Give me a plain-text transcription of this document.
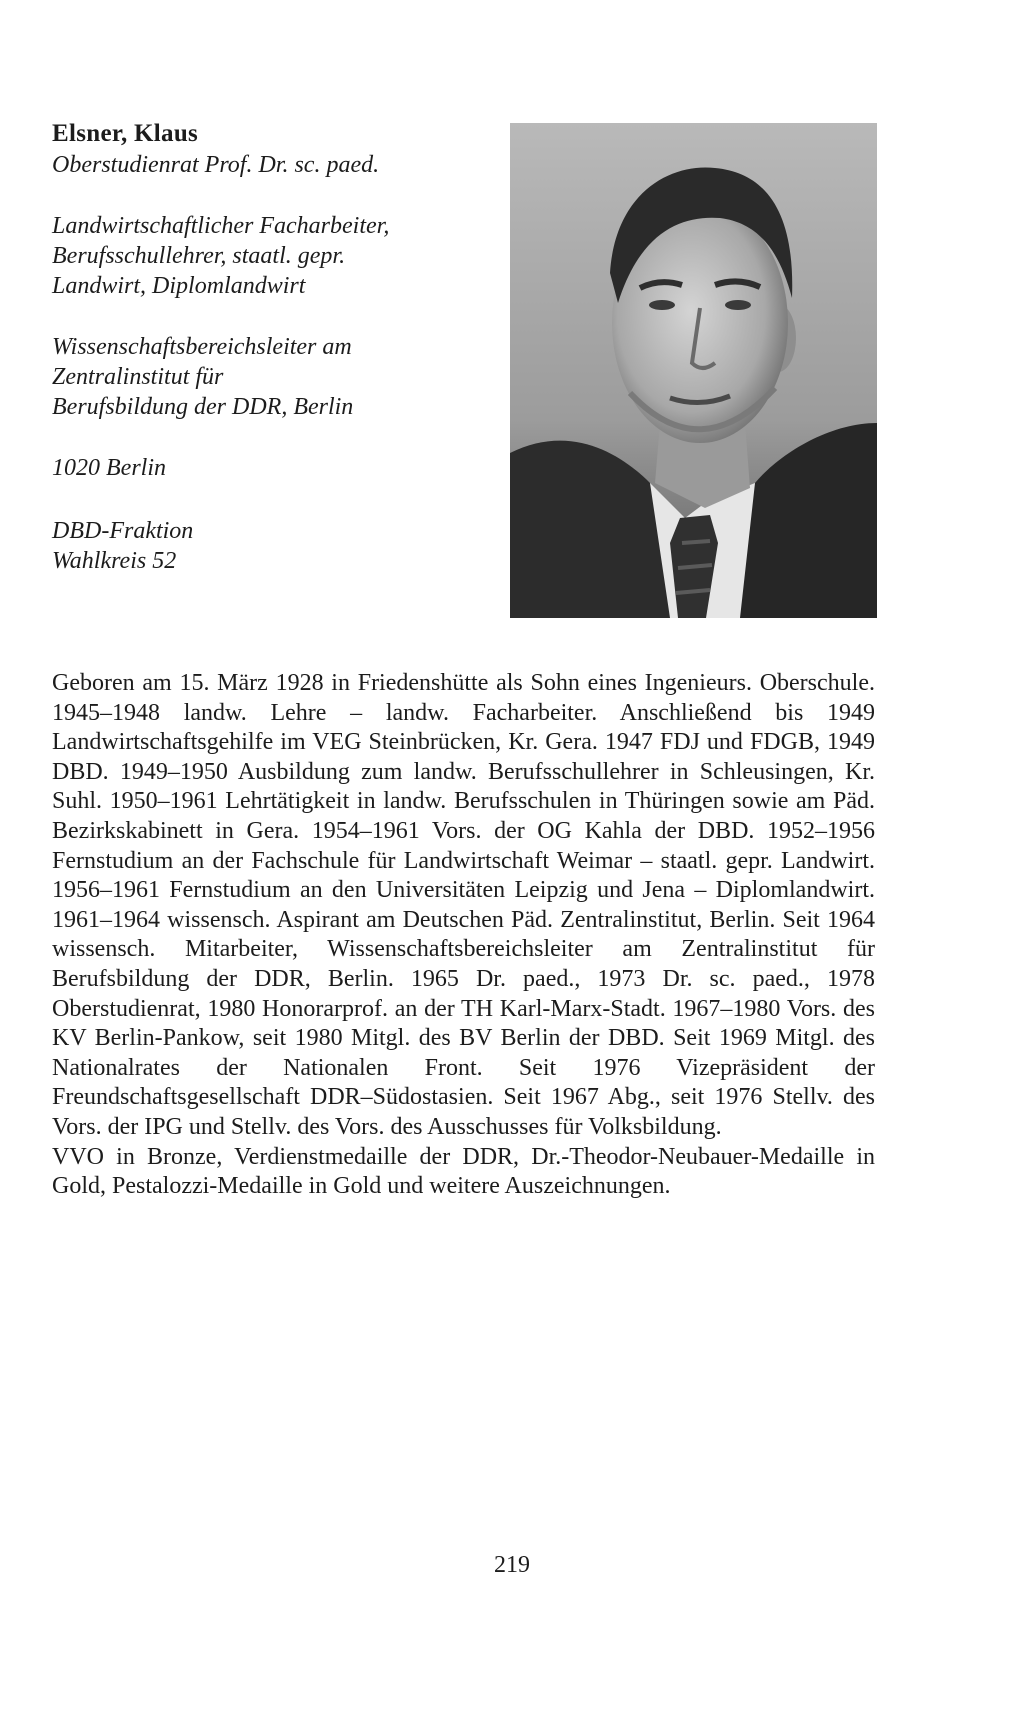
Elsner, Klaus

Oberstudienrat Prof. Dr. sc. paed.

Landwirtschaftlicher Facharbeiter,

Berufsschullehrer, staatl. gepr.

Landwirt, Diplomlandwirt

Wissenschaftsbereichsleiter am

Zentralinstitut für

Berufsbildung der DDR, Berlin

1020 Berlin

DBD-Fraktion

Wahlkreis 52

Geboren am 15. März 1928 in Friedenshütte als Sohn eines Ingenieurs. Oberschule. 1945–1948 landw. Lehre – landw. Facharbeiter. Anschließend bis 1949 Landwirtschaftsgehilfe im VEG Steinbrücken, Kr. Gera. 1947 FDJ und FDGB, 1949 DBD. 1949–1950 Ausbildung zum landw. Berufsschullehrer in Schleusingen, Kr. Suhl. 1950–1961 Lehrtätigkeit in landw. Berufsschulen in Thüringen sowie am Päd. Bezirkskabinett in Gera. 1954–1961 Vors. der OG Kahla der DBD. 1952–1956 Fernstudium an der Fachschule für Landwirtschaft Weimar – staatl. gepr. Landwirt. 1956–1961 Fernstudium an den Universitäten Leipzig und Jena – Diplomlandwirt. 1961–1964 wissensch. Aspirant am Deutschen Päd. Zentralinstitut, Berlin. Seit 1964 wissensch. Mitarbeiter, Wissenschaftsbereichsleiter am Zentralinstitut für Berufsbildung der DDR, Berlin. 1965 Dr. paed., 1973 Dr. sc. paed., 1978 Oberstudienrat, 1980 Honorarprof. an der TH Karl-Marx-Stadt. 1967–1980 Vors. des KV Berlin-Pankow, seit 1980 Mitgl. des BV Berlin der DBD. Seit 1969 Mitgl. des Nationalrates der Nationalen Front. Seit 1976 Vizepräsident der Freundschaftsgesellschaft DDR–Südostasien. Seit 1967 Abg., seit 1976 Stellv. des Vors. der IPG und Stellv. des Vors. des Ausschusses für Volksbildung.

VVO in Bronze, Verdienstmedaille der DDR, Dr.-Theodor-Neubauer-Medaille in Gold, Pestalozzi-Medaille in Gold und weitere Auszeichnungen.

219
